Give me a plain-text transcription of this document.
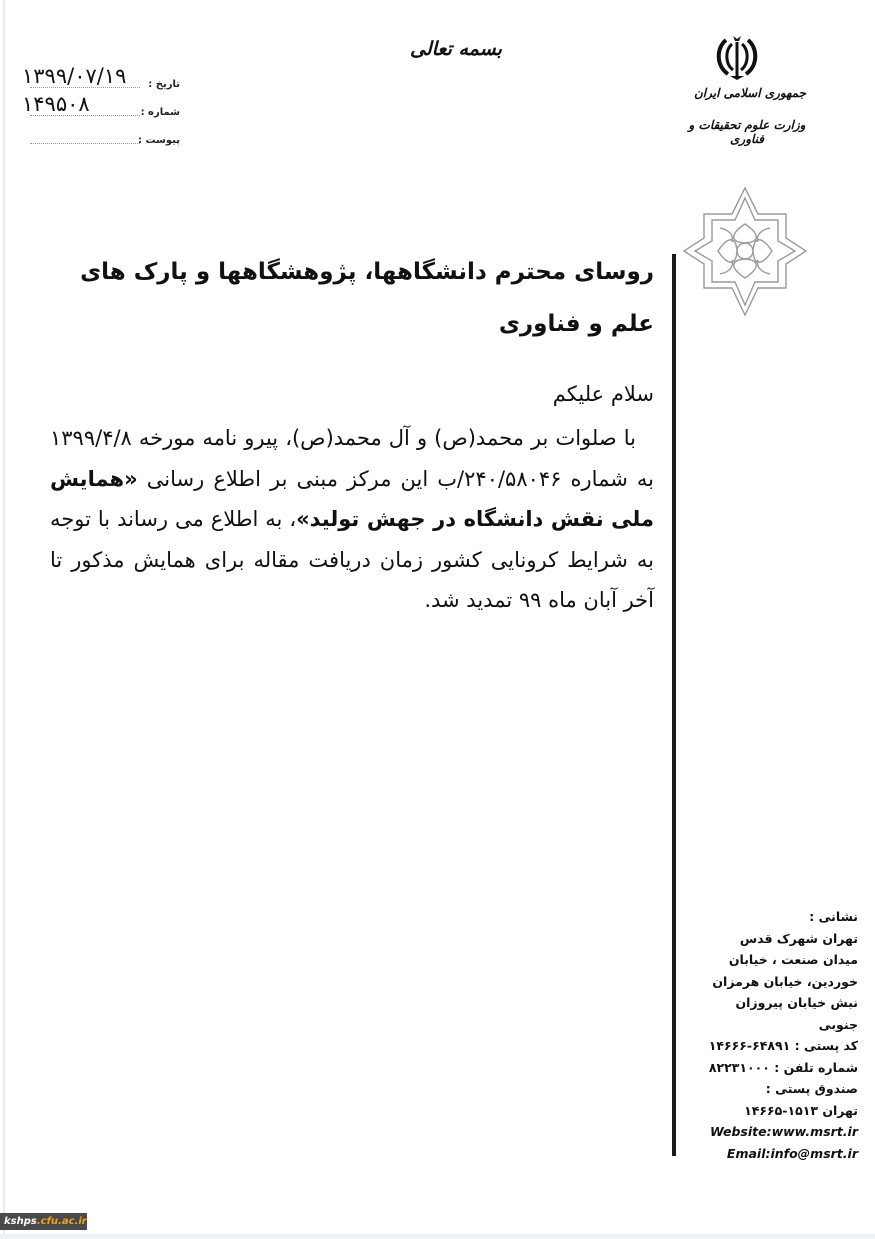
تاریخ :
۱۳۹۹/۰۷/۱۹
شماره :
۱۴۹۵۰۸
پیوست :
بسمه تعالی
جمهوری اسلامی ایران
وزارت علوم تحقیقات و فناوری
روسای محترم دانشگاهها، پژوهشگاهها و پارک های علم و فناوری
سلام علیکم
با صلوات بر محمد(ص) و آل محمد(ص)، پیرو نامه مورخه ۱۳۹۹/۴/۸ به شماره ۲۴۰/۵۸۰۴۶/ب این مرکز مبنی بر اطلاع رسانی «همایش ملی نقش دانشگاه در جهش تولید»، به اطلاع می رساند با توجه به شرایط کرونایی کشور زمان دریافت مقاله برای همایش مذکور تا آخر آبان ماه ۹۹ تمدید شد.
نشانی :
تهران شهرک قدس
میدان صنعت ، خیابان
خوردین، خیابان هرمزان
نبش خیابان پیروزان جنوبی
کد پستی : ۶۴۸۹۱-۱۴۶۶۶
شماره تلفن : ۸۲۲۳۱۰۰۰
صندوق پستی :
تهران ۱۵۱۳-۱۴۶۶۵
Website:www.msrt.ir
Email:info@msrt.ir
kshps.cfu.ac.ir
